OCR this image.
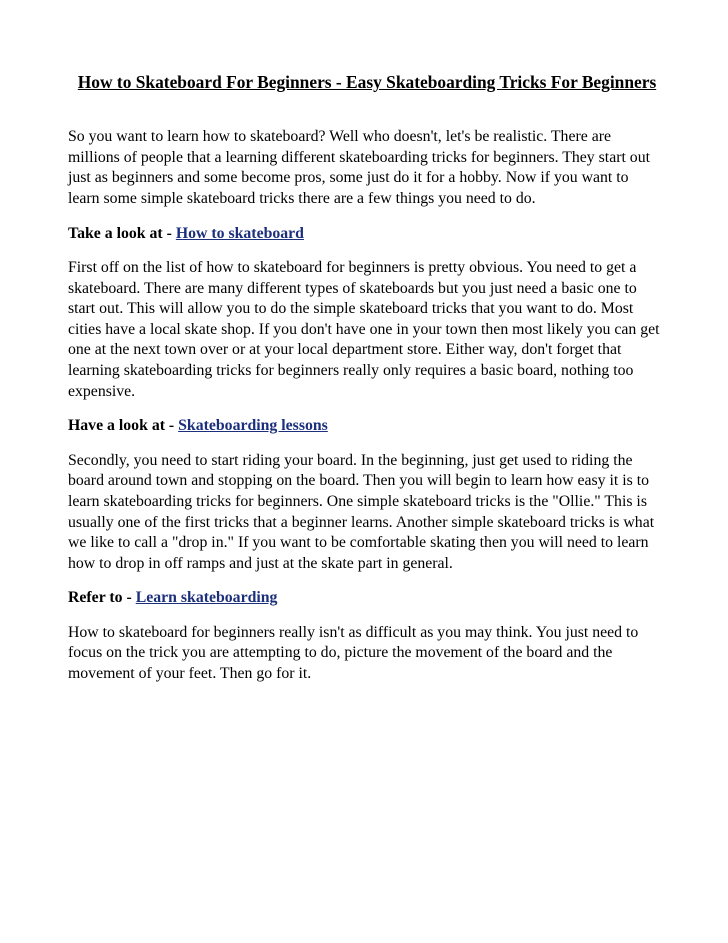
How to Skateboard For Beginners - Easy Skateboarding Tricks For Beginners

So you want to learn how to skateboard? Well who doesn't, let's be realistic. There are millions of people that a learning different skateboarding tricks for beginners. They start out just as beginners and some become pros, some just do it for a hobby. Now if you want to learn some simple skateboard tricks there are a few things you need to do.

Take a look at - How to skateboard

First off on the list of how to skateboard for beginners is pretty obvious. You need to get a skateboard. There are many different types of skateboards but you just need a basic one to start out. This will allow you to do the simple skateboard tricks that you want to do. Most cities have a local skate shop. If you don't have one in your town then most likely you can get one at the next town over or at your local department store. Either way, don't forget that learning skateboarding tricks for beginners really only requires a basic board, nothing too expensive.

Have a look at - Skateboarding lessons

Secondly, you need to start riding your board. In the beginning, just get used to riding the board around town and stopping on the board. Then you will begin to learn how easy it is to learn skateboarding tricks for beginners. One simple skateboard tricks is the "Ollie." This is usually one of the first tricks that a beginner learns. Another simple skateboard tricks is what we like to call a "drop in." If you want to be comfortable skating then you will need to learn how to drop in off ramps and just at the skate part in general.

Refer to - Learn skateboarding

How to skateboard for beginners really isn't as difficult as you may think. You just need to focus on the trick you are attempting to do, picture the movement of the board and the movement of your feet. Then go for it.
